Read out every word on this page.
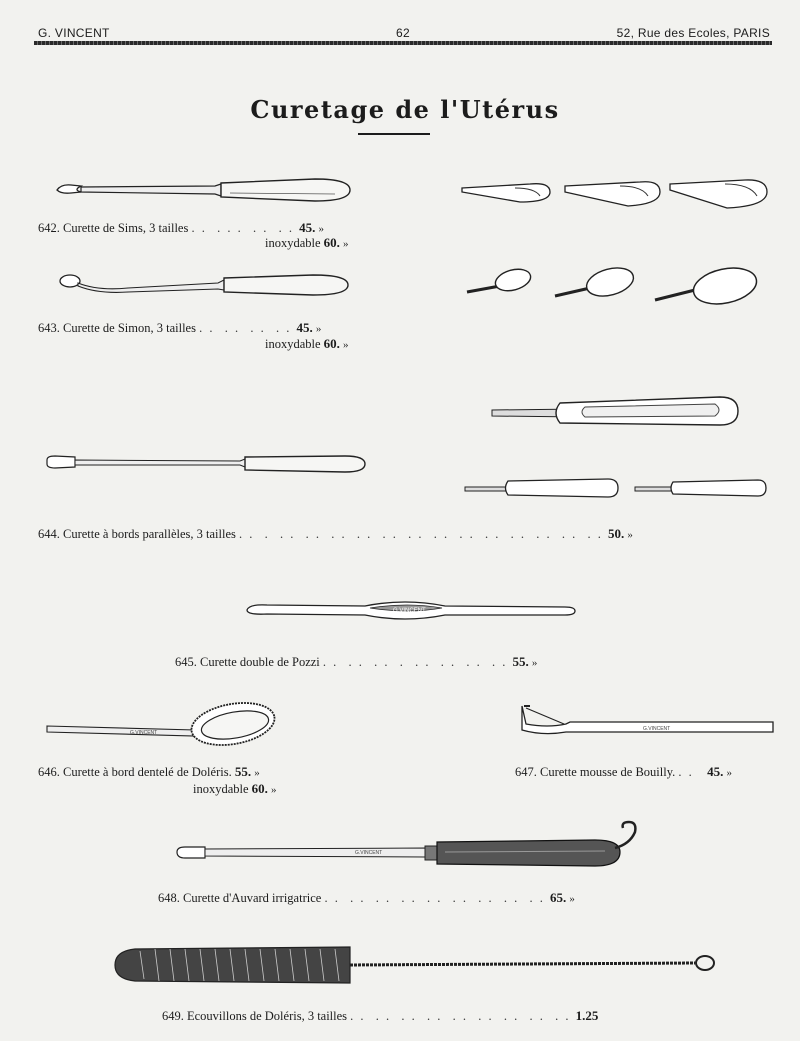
G. VINCENT	62	52, Rue des Ecoles, PARIS
Curetage de l'Utérus
642. Curette de Sims, 3 tailles . .  . . .  . .  . . 45. »
inoxydable 60. »
643. Curette de Simon, 3 tailles . .  . .  . .  . . 45. »
inoxydable 60. »
644. Curette à bords parallèles, 3 tailles . .  .  . .  . .  . .  . .  . .  . .  . .  . .  . .  . .  . .  . .  . . 50. »
G.VINCENT
645. Curette double de Pozzi . .  . .  . .  .  . .  . .  . .  . . 55. »
G.VINCENT
646. Curette à bord dentelé de Doléris. 55. »
inoxydable 60. »
G.VINCENT
647. Curette mousse de Bouilly. . .   45. »
G.VINCENT
648. Curette d'Auvard irrigatrice . .  . .  . .  . .  . .  . .  . .  . .  . . 65. »
649. Ecouvillons de Doléris, 3 tailles . .  . .  . .  . .  . .  . .  . .  . .  . . 1.25
